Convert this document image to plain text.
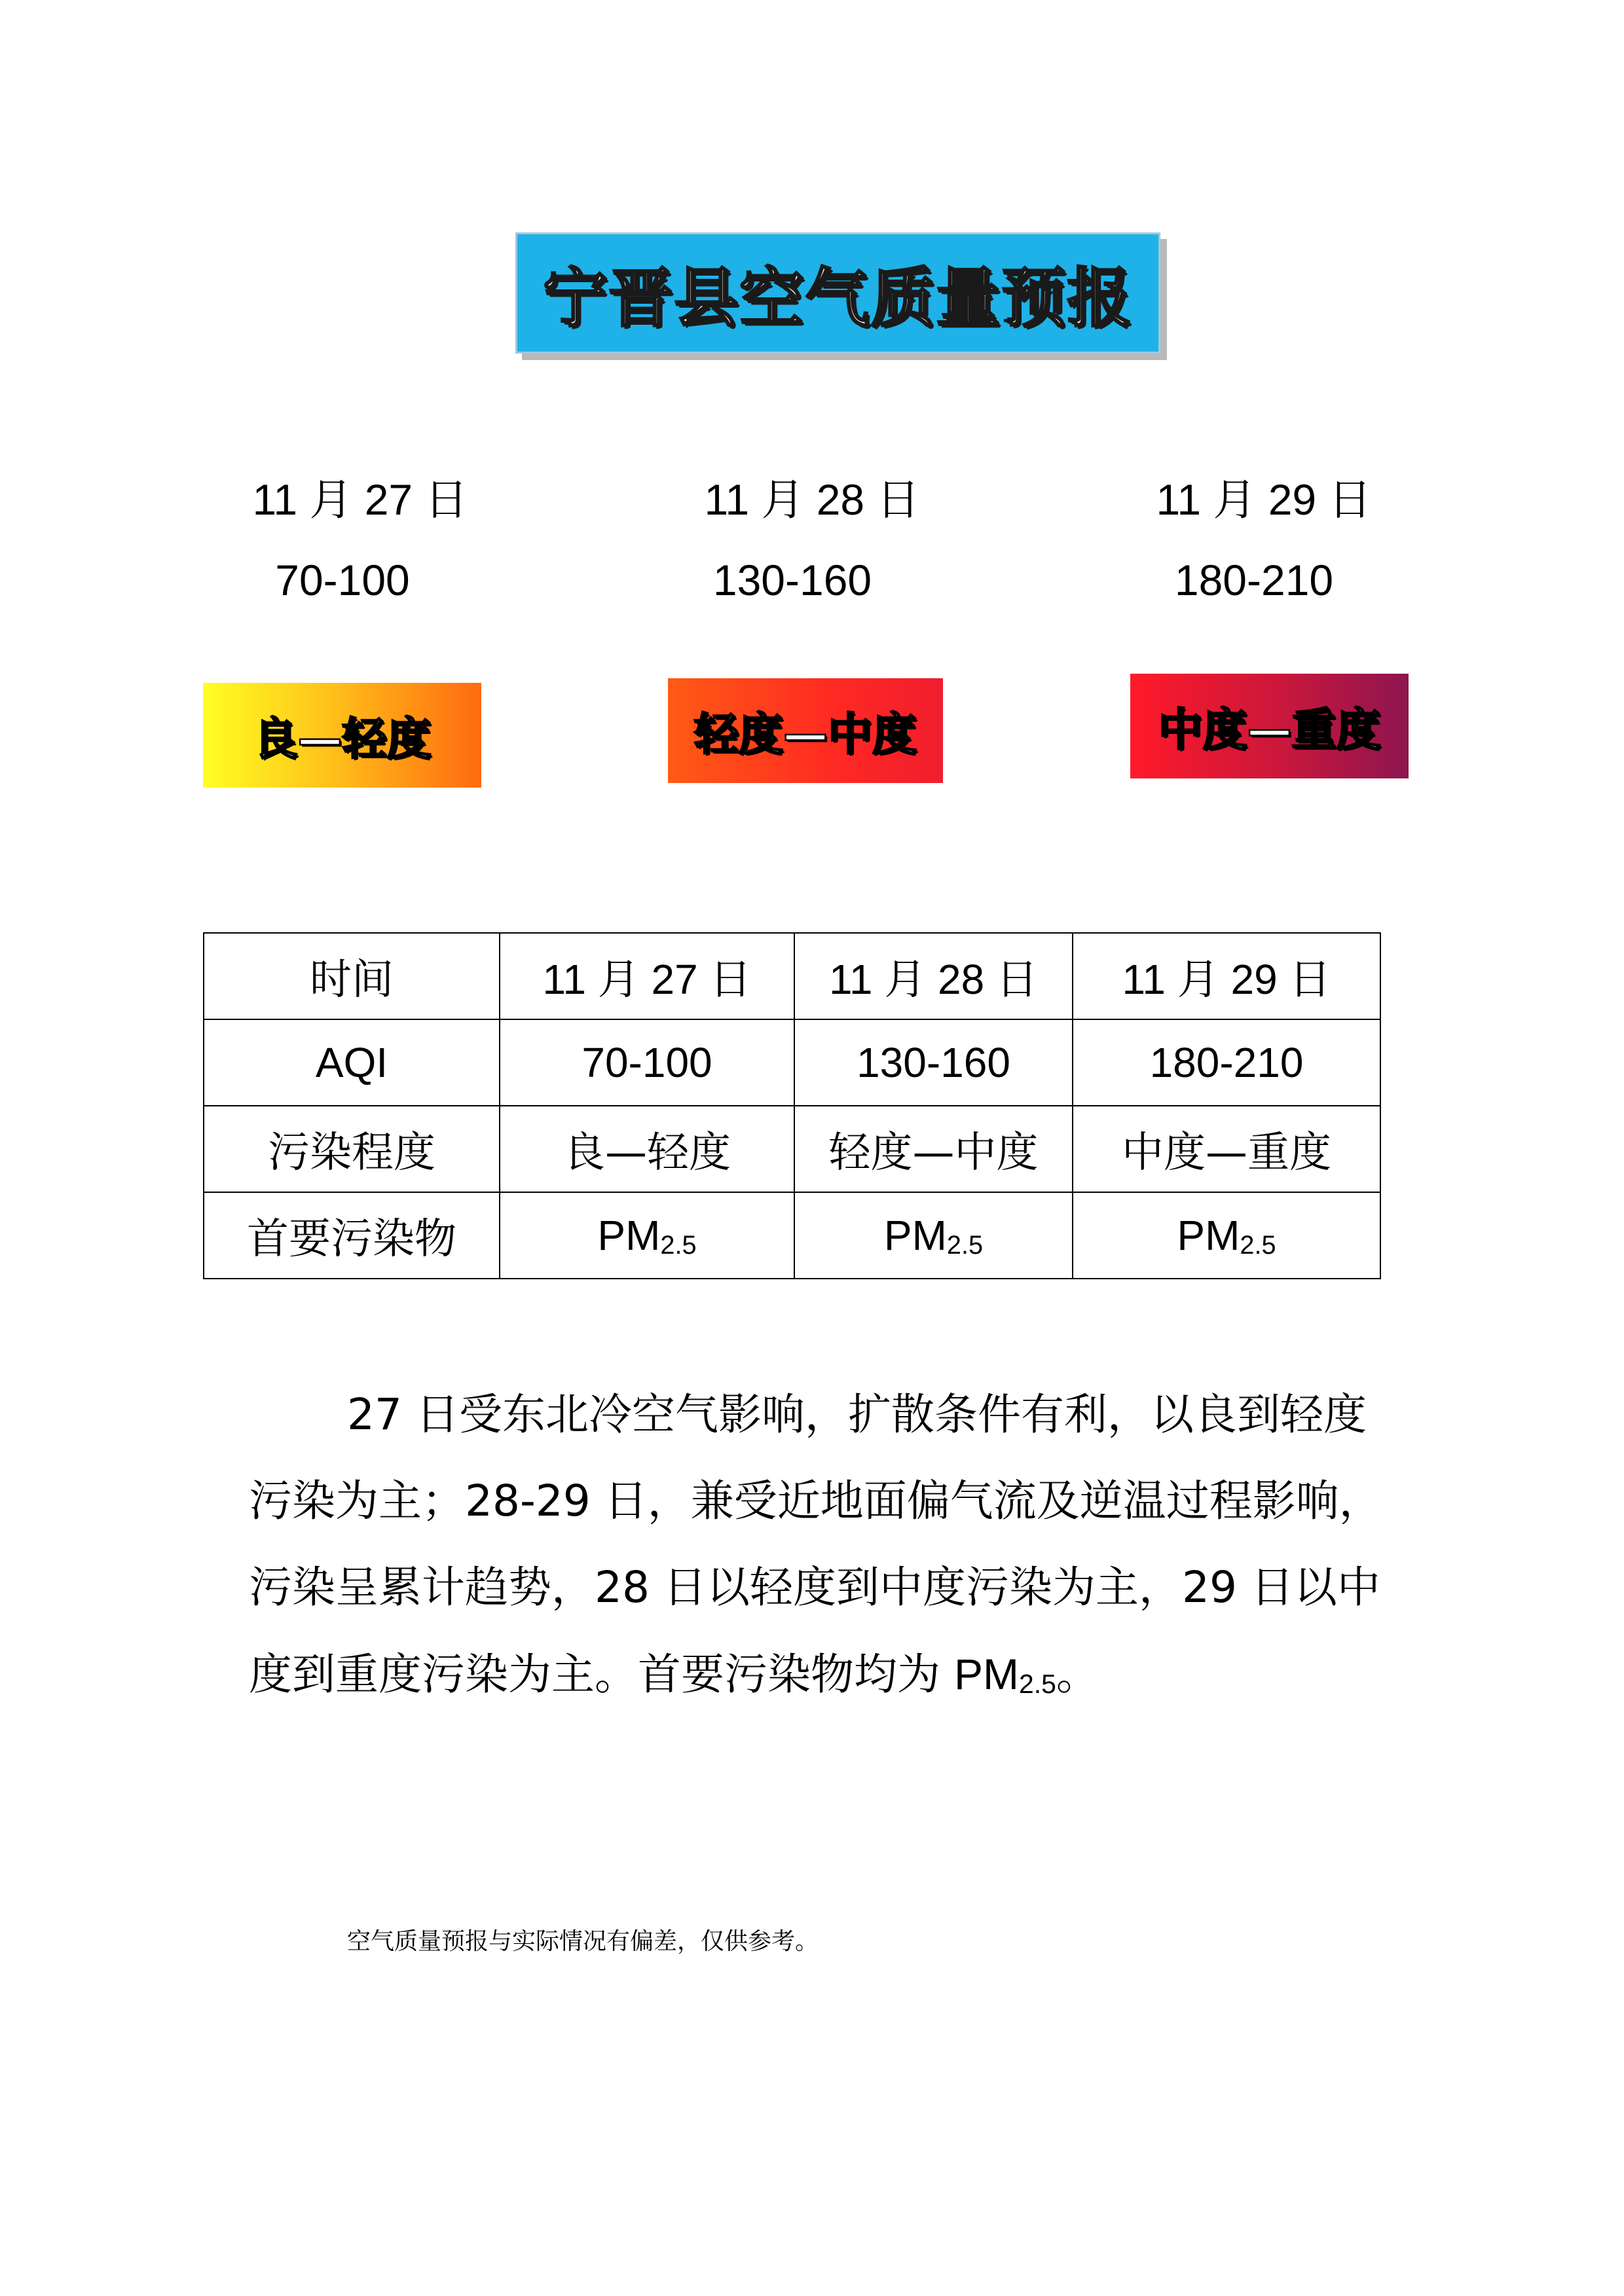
宁晋县空气质量预报
11 月 27 日	11 月 28 日	11 月 29 日
70-100	130-160	180-210
良—轻度	轻度—中度	中度—重度
时间	11 月 27 日	11 月 28 日	11 月 29 日
AQI	70-100	130-160	180-210
污染程度	良—轻度	轻度—中度	中度—重度
首要污染物	PM2.5	PM2.5	PM2.5
27 日受东北冷空气影响，扩散条件有利，以良到轻度污染为主；28-29 日，兼受近地面偏气流及逆温过程影响，污染呈累计趋势，28 日以轻度到中度污染为主，29 日以中度到重度污染为主。首要污染物均为 PM2.5。
空气质量预报与实际情况有偏差，仅供参考。
